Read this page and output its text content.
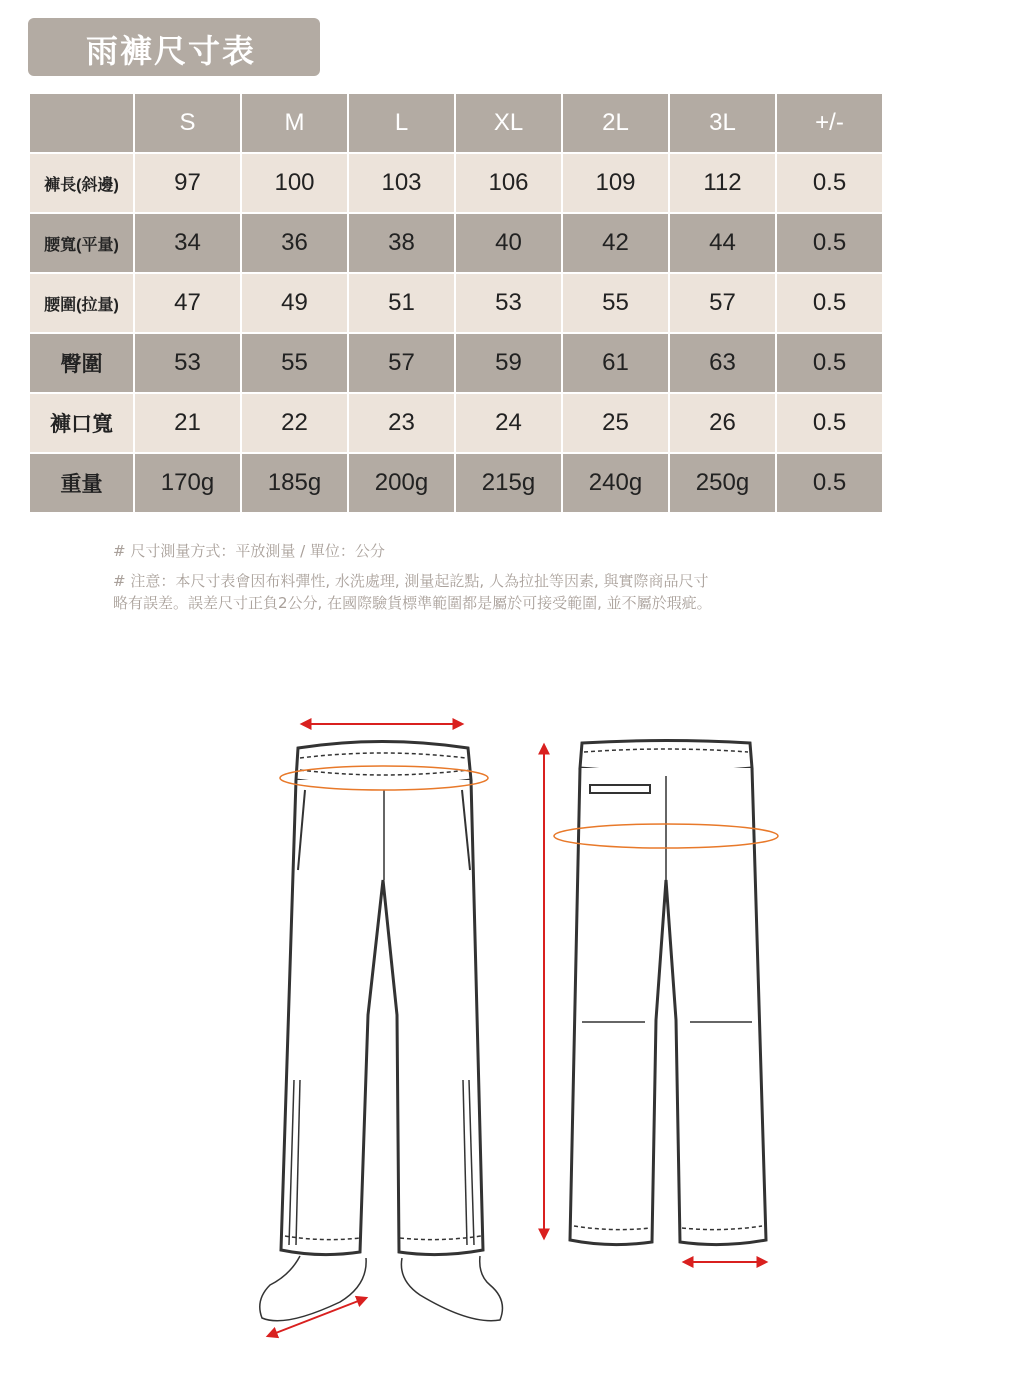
雨褲尺寸表
	S	M	L	XL	2L	3L	+/-
褲長(斜邊)	97	100	103	106	109	112	0.5
腰寬(平量)	34	36	38	40	42	44	0.5
腰圍(拉量)	47	49	51	53	55	57	0.5
臀圍	53	55	57	59	61	63	0.5
褲口寬	21	22	23	24	25	26	0.5
重量	170g	185g	200g	215g	240g	250g	0.5

# 尺寸測量方式：平放測量 / 單位：公分

# 注意：本尺寸表會因布料彈性, 水洗處理, 測量起訖點, 人為拉扯等因素, 與實際商品尺寸

略有誤差。誤差尺寸正負2公分, 在國際驗貨標準範圍都是屬於可接受範圍, 並不屬於瑕疵。
